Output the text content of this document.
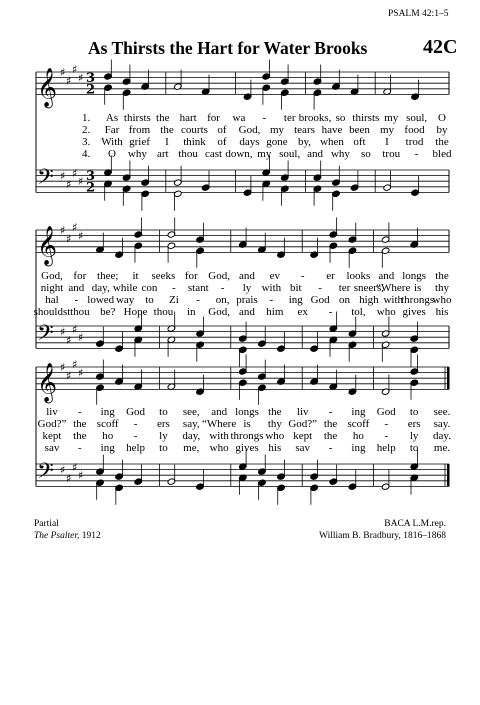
PSALM 42:1–5
As Thirsts the Hart for Water Brooks	42C
𝄞 ♯
♯
♯
♯ 3
2
𝄢 ♯
♯
♯
♯ 3
2
𝄞 ♯
♯
♯
♯
𝄢 ♯
♯
♯
♯
𝄞 ♯
♯
♯
♯
𝄢 ♯
♯
♯
♯
1. As thirsts the hart for wa - ter brooks, so thirsts my soul, O
2. Far from the courts of God, my tears have been my food by
3. With grief I think of days gone by, when oft I trod the
4. O why art thou cast down, my soul, and why so trou - bled
God, for thee; it seeks for God, and ev - er looks and longs the
night and day, while con - stant - ly with bit - ter sneers,
“Where is thy
hal - lowed way to Zi - on, prais - ing God on high with
throngs
who
shouldst thou be? Hope thou in God, and him ex - tol, who gives his
liv - ing God to see, and longs the liv - ing God to see.
God?” the scoff - ers say, “Where is thy God?” the scoff - ers say.
kept the ho - ly day, with throngs who kept the ho - ly day.
sav - ing help to me, who gives his sav - ing help to me.
Partial
The Psalter, 1912
BACA L.M.rep.
William B. Bradbury, 1816–1868
